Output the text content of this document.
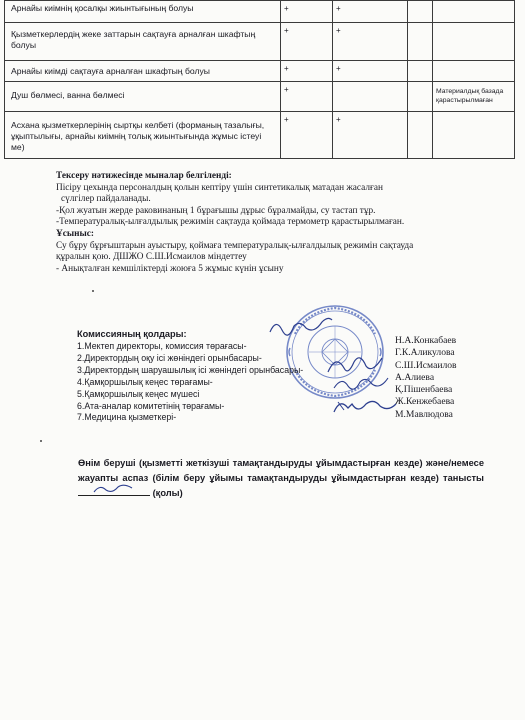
Арнайы киімнің қосалқы жиынтығының болуы	+	+		
Қызметкерлердің жеке заттарын сақтауға арналған шкафтың болуы	+	+		
Арнайы киімді сақтауға арналған шкафтың болуы	+	+		
Душ бөлмесі, ванна бөлмесі	+			Материалдық базада қарастырылмаған
Асхана қызметкерлерінің сыртқы келбеті (форманың тазалығы, ұқыптылығы, арнайы киімнің толық жиынтығында жұмыс істеуі ме)	+	+		
Тексеру нәтижесінде мыналар белгіленді:
Пісіру цехында персоналдың қолын кептіру үшін синтетикалық матадан жасалған
сүлгілер пайдаланады.
-Қол жуатын жерде раковинаның 1 бұрағышы дұрыс бұралмайды, су тастап тұр.
-Температуралық-ылғалдылық режимін сақтауда қоймада термометр қарастырылмаған.
Ұсыныс:
Су бұру бұрғыштарын ауыстыру, қоймаға температуралық-ылғалдылық режимін сақтауда
құралын қою. ДШЖО С.Ш.Исмаилов міндеттеу
- Анықталған кемшіліктерді жоюға 5 жұмыс күнін ұсыну
Комиссияның қолдары:
1.Мектеп директоры, комиссия төрағасы-
2.Директордың оқу ісі жөніндегі орынбасары-
3.Директордың шаруашылық ісі жөніндегі орынбасары-
4.Қамқоршылық кеңес төрағамы-
5.Қамқоршылық кеңес мүшесі
6.Ата-аналар комитетінің төрағамы-
7.Медицина қызметкері-
Н.А.Конкабаев
Г.К.Аликулова
С.Ш.Исмаилов
А.Алиева
Қ.Пішенбаева
Ж.Кенжебаева
М.Мавлюдова
Өнім беруші (қызметті жеткізуші тамақтандыруды ұйымдастырған кезде) және/немесе жауапты аспаз (білім беру ұйымы тамақтандыруды ұйымдастырған кезде) танысты
(қолы)
